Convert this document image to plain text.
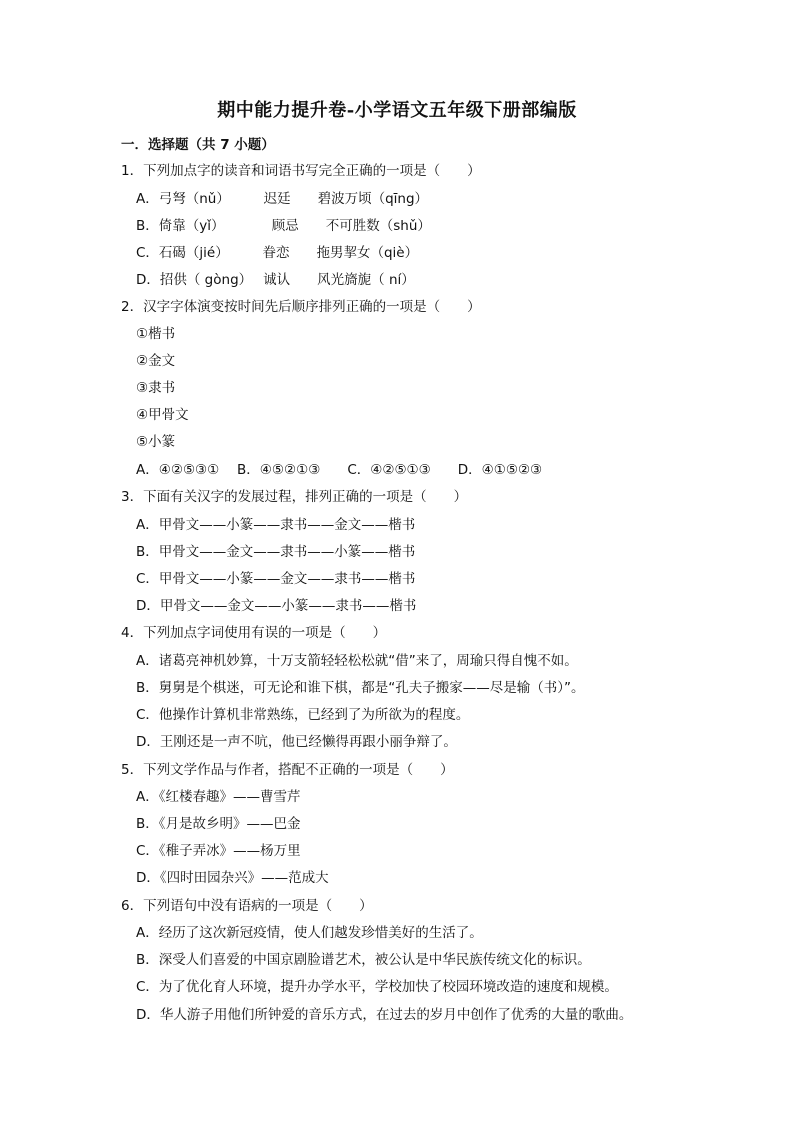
期中能力提升卷-小学语文五年级下册部编版
一．选择题（共 7 小题）
1．下列加点字的读音和词语书写完全正确的一项是（　　）
A．弓弩（nǔ）　　　迟廷　　碧波万顷（qīng）
B．倚靠（yǐ）　　　　顾忌　　不可胜数（shǔ）
C．石碣（jié）　　　眷恋　　拖男挈女（qiè）
D．招供（ gòng）　 诚认　　风光旖旎（ ní）
2．汉字字体演变按时间先后顺序排列正确的一项是（　　）
①楷书
②金文
③隶书
④甲骨文
⑤小篆
A．④②⑤③①　 B．④⑤②①③　　C．④②⑤①③　　D．④①⑤②③
3．下面有关汉字的发展过程，排列正确的一项是（　　）
A．甲骨文——小篆——隶书——金文——楷书
B．甲骨文——金文——隶书——小篆——楷书
C．甲骨文——小篆——金文——隶书——楷书
D．甲骨文——金文——小篆——隶书——楷书
4．下列加点字词使用有误的一项是（　　）
A．诸葛亮神机妙算，十万支箭轻轻松松就“借”来了，周瑜只得自愧不如。
B．舅舅是个棋迷，可无论和谁下棋，都是“孔夫子搬家——尽是输（书）”。
C．他操作计算机非常熟练，已经到了为所欲为的程度。
D．王刚还是一声不吭，他已经懒得再跟小丽争辩了。
5．下列文学作品与作者，搭配不正确的一项是（　　）
A．《红楼春趣》——曹雪芹
B．《月是故乡明》——巴金
C．《稚子弄冰》——杨万里
D．《四时田园杂兴》——范成大
6．下列语句中没有语病的一项是（　　）
A．经历了这次新冠疫情，使人们越发珍惜美好的生活了。
B．深受人们喜爱的中国京剧脸谱艺术，被公认是中华民族传统文化的标识。
C．为了优化育人环境，提升办学水平，学校加快了校园环境改造的速度和规模。
D．华人游子用他们所钟爱的音乐方式，在过去的岁月中创作了优秀的大量的歌曲。
